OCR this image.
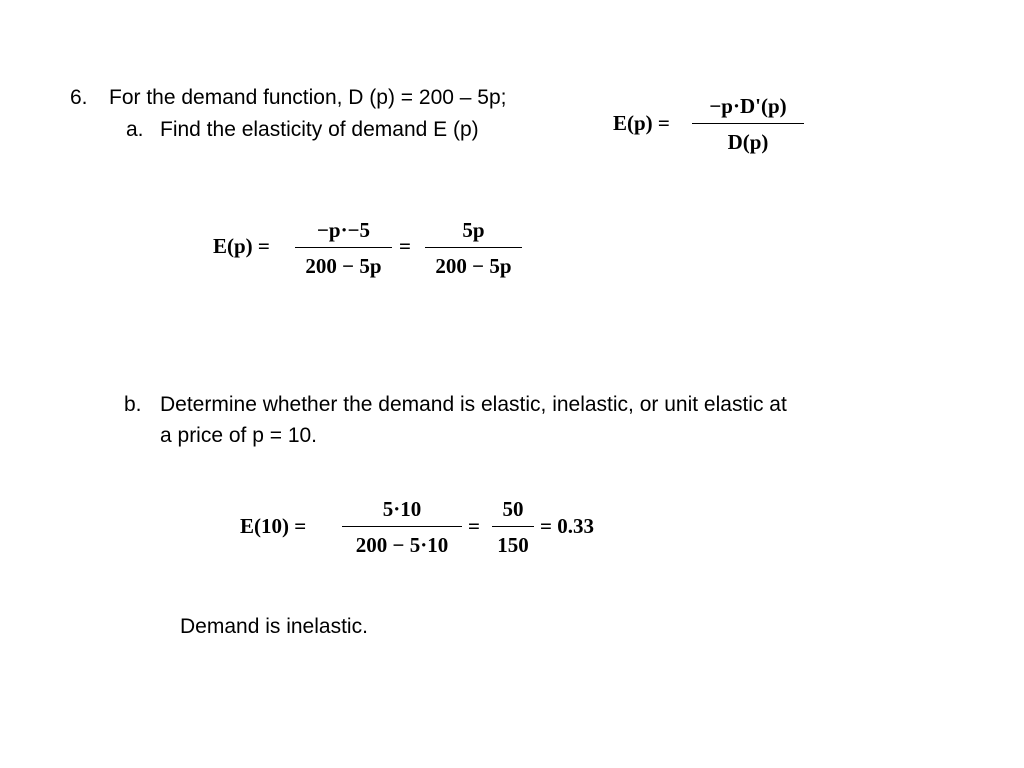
6. For the demand function, D (p) = 200 – 5p;
a. Find the elasticity of demand E (p)	E(p) =
−p·D'(p)
D(p)
E(p) =
−p·−5
200 − 5p
=
5p
200 − 5p
b. Determine whether the demand is elastic, inelastic, or unit elastic at
a price of p = 10.
E(10) =
5·10
200 − 5·10
=
50
150
= 0.33
Demand is inelastic.
